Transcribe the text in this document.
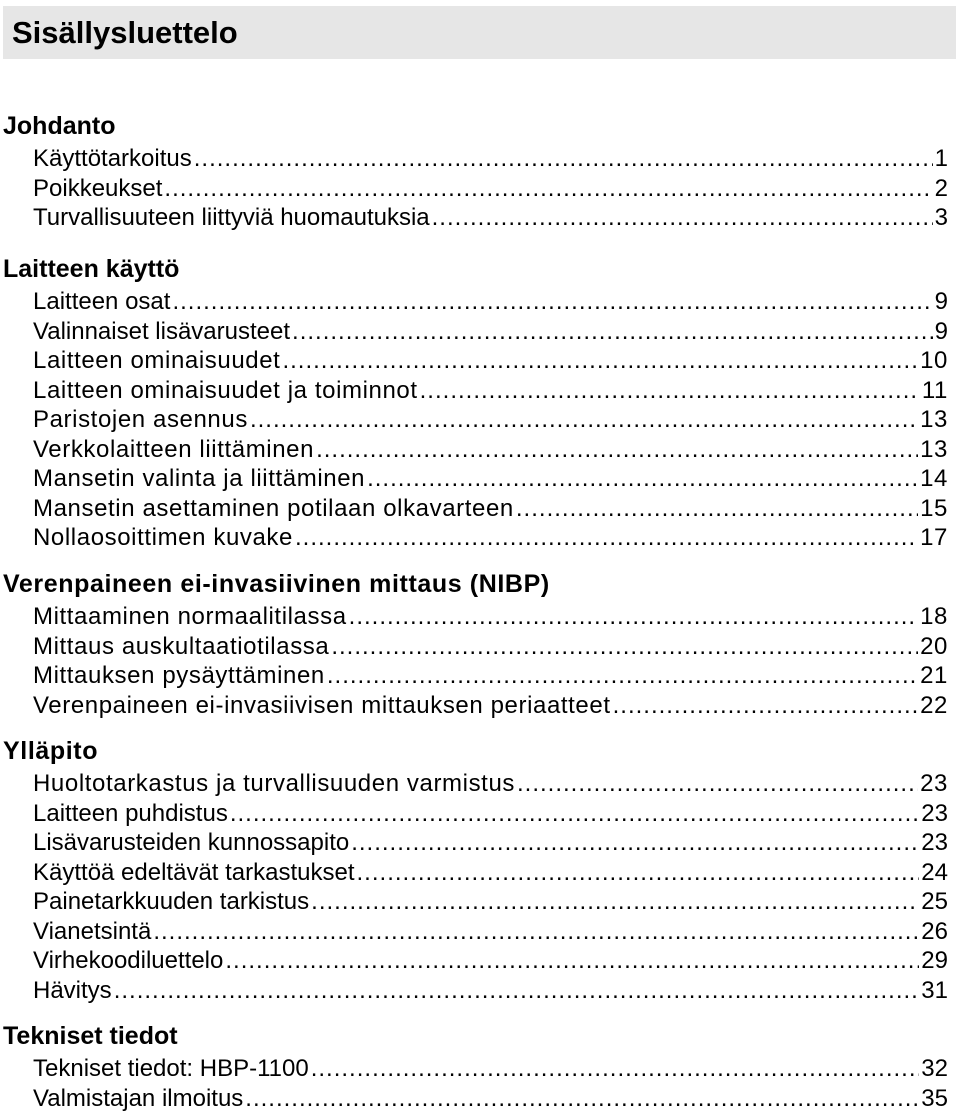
Sisällysluettelo
Johdanto
Käyttötarkoitus .....	1
Poikkeukset .....	2
Turvallisuuteen liittyviä huomautuksia .....	3
Laitteen käyttö
Laitteen osat .....	9
Valinnaiset lisävarusteet .....	9
Laitteen ominaisuudet .....	10
Laitteen ominaisuudet ja toiminnot .....	11
Paristojen asennus .....	13
Verkkolaitteen liittäminen .....	13
Mansetin valinta ja liittäminen .....	14
Mansetin asettaminen potilaan olkavarteen .....	15
Nollaosoittimen kuvake .....	17
Verenpaineen ei-invasiivinen mittaus (NIBP)
Mittaaminen normaalitilassa .....	18
Mittaus auskultaatiotilassa .....	20
Mittauksen pysäyttäminen .....	21
Verenpaineen ei-invasiivisen mittauksen periaatteet .....	22
Ylläpito
Huoltotarkastus ja turvallisuuden varmistus .....	23
Laitteen puhdistus .....	23
Lisävarusteiden kunnossapito .....	23
Käyttöä edeltävät tarkastukset .....	24
Painetarkkuuden tarkistus .....	25
Vianetsintä .....	26
Virhekoodiluettelo .....	29
Hävitys .....	31
Tekniset tiedot
Tekniset tiedot: HBP-1100 .....	32
Valmistajan ilmoitus .....	35
